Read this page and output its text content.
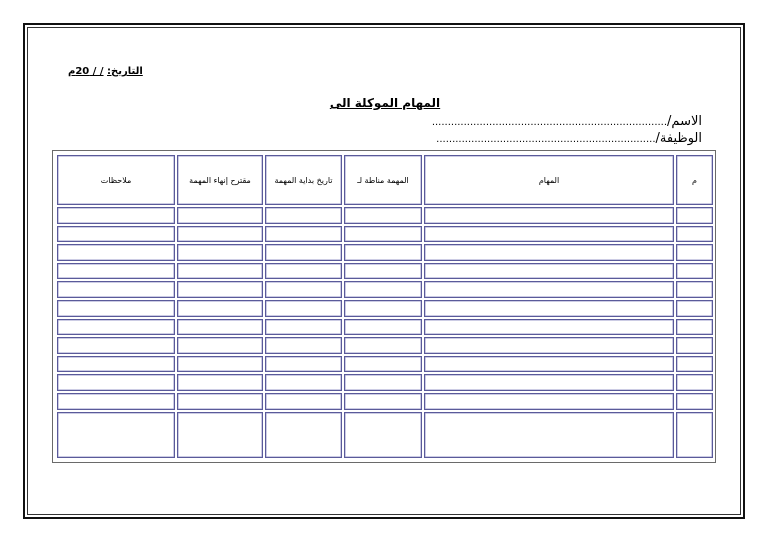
التاريخ: / / 20م
المهام الموكلة الى
الاسم/..........................................................................
الوظيفة/.....................................................................
م	المهام	المهمة مناطة لـ	تاريخ بداية المهمة	مقترح إنهاء المهمة	ملاحظات
